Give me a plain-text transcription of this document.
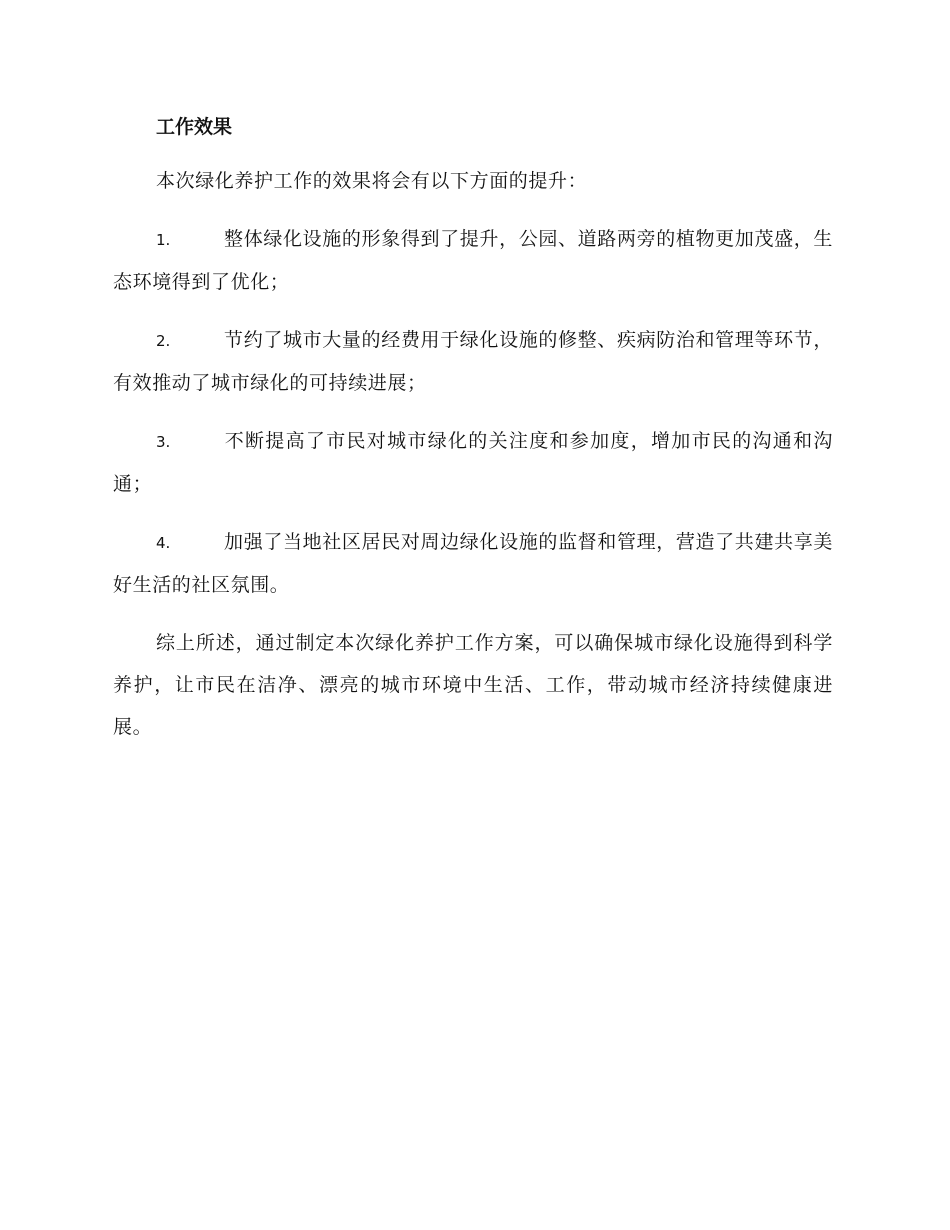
工作效果

本次绿化养护工作的效果将会有以下方面的提升：

1.	整体绿化设施的形象得到了提升，公园、道路两旁的植物更加茂盛，生态环境得到了优化；

2.	节约了城市大量的经费用于绿化设施的修整、疾病防治和管理等环节，有效推动了城市绿化的可持续进展；

3.	不断提高了市民对城市绿化的关注度和参加度，增加市民的沟通和沟通；

4.	加强了当地社区居民对周边绿化设施的监督和管理，营造了共建共享美好生活的社区氛围。

综上所述，通过制定本次绿化养护工作方案，可以确保城市绿化设施得到科学养护，让市民在洁净、漂亮的城市环境中生活、工作，带动城市经济持续健康进展。
